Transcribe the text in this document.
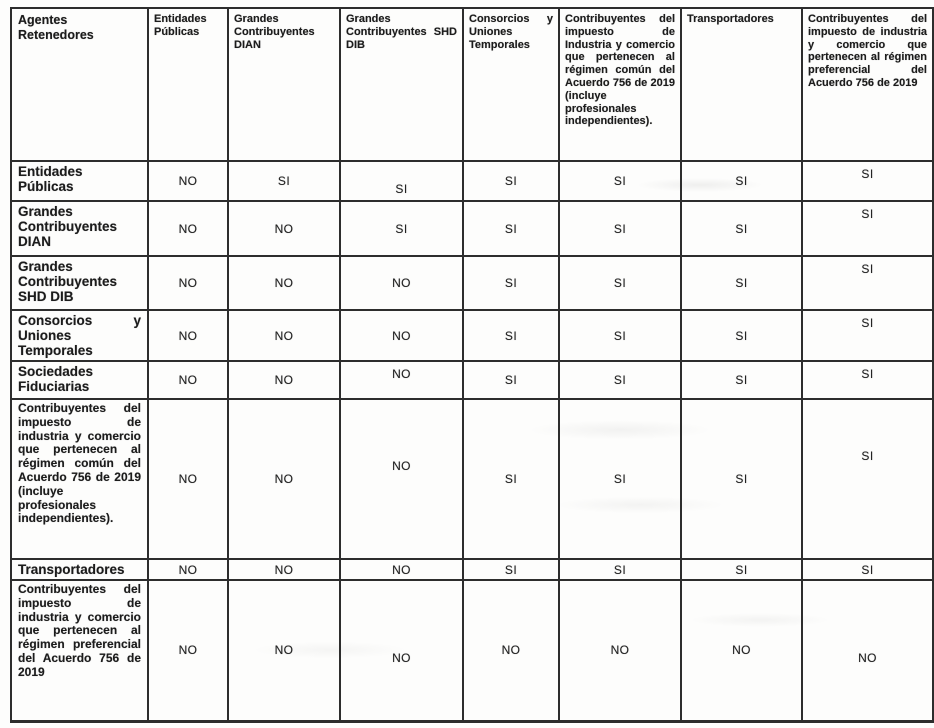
Agentes Retenedores	Entidades Públicas	Grandes Contribuyentes DIAN	Grandes Contribuyentes SHD DIB	Consorcios y Uniones Temporales	Contribuyentes del impuesto de Industria y comercio que pertenecen al régimen común del Acuerdo 756 de 2019 (incluye profesionales independientes).	Transportadores	Contribuyentes del impuesto de industria y comercio que pertenecen al régimen preferencial del Acuerdo 756 de 2019
Entidades Públicas	NO	SI	SI	SI	SI	SI	SI
Grandes Contribuyentes DIAN	NO	NO	SI	SI	SI	SI	SI
Grandes Contribuyentes SHD DIB	NO	NO	NO	SI	SI	SI	SI
Consorcios y Uniones Temporales	NO	NO	NO	SI	SI	SI	SI
Sociedades Fiduciarias	NO	NO	NO	SI	SI	SI	SI
Contribuyentes del impuesto de industria y comercio que pertenecen al régimen común del Acuerdo 756 de 2019 (incluye profesionales independientes).	NO	NO	NO	SI	SI	SI	SI
Transportadores	NO	NO	NO	SI	SI	SI	SI
Contribuyentes del impuesto de industria y comercio que pertenecen al régimen preferencial del Acuerdo 756 de 2019	NO	NO	NO	NO	NO	NO	NO
